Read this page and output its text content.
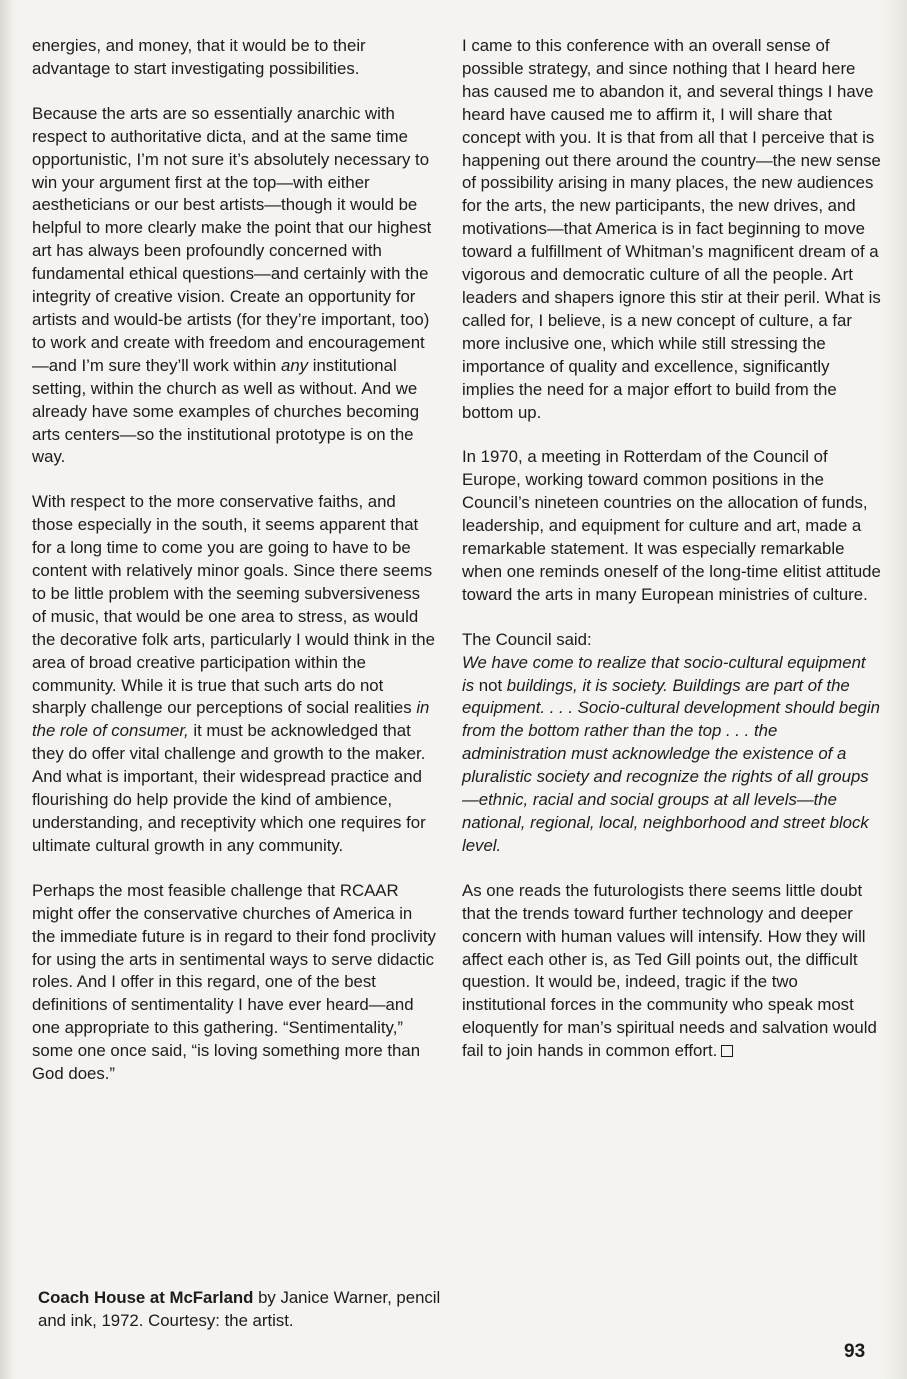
energies, and money, that it would be to their advantage to start investigating possibilities.

Because the arts are so essentially anarchic with respect to authoritative dicta, and at the same time opportunistic, I’m not sure it’s absolutely necessary to win your argument first at the top—with either aestheticians or our best artists—though it would be helpful to more clearly make the point that our highest art has always been profoundly concerned with fundamental ethical questions—and certainly with the integrity of creative vision. Create an opportunity for artists and would-be artists (for they’re important, too) to work and create with freedom and encouragement—and I’m sure they’ll work within any institutional setting, within the church as well as without. And we already have some examples of churches becoming arts centers—so the institutional prototype is on the way.

With respect to the more conservative faiths, and those especially in the south, it seems apparent that for a long time to come you are going to have to be content with relatively minor goals. Since there seems to be little problem with the seeming subversiveness of music, that would be one area to stress, as would the decorative folk arts, particularly I would think in the area of broad creative participation within the community. While it is true that such arts do not sharply challenge our perceptions of social realities in the role of consumer, it must be acknowledged that they do offer vital challenge and growth to the maker. And what is important, their widespread practice and flourishing do help provide the kind of ambience, understanding, and receptivity which one requires for ultimate cultural growth in any community.

Perhaps the most feasible challenge that RCAAR might offer the conservative churches of America in the immediate future is in regard to their fond proclivity for using the arts in sentimental ways to serve didactic roles. And I offer in this regard, one of the best definitions of sentimentality I have ever heard—and one appropriate to this gathering. “Sentimentality,” some one once said, “is loving something more than God does.”

I came to this conference with an overall sense of possible strategy, and since nothing that I heard here has caused me to abandon it, and several things I have heard have caused me to affirm it, I will share that concept with you. It is that from all that I perceive that is happening out there around the country—the new sense of possibility arising in many places, the new audiences for the arts, the new participants, the new drives, and motivations—that America is in fact beginning to move toward a fulfillment of Whitman’s magnificent dream of a vigorous and democratic culture of all the people. Art leaders and shapers ignore this stir at their peril. What is called for, I believe, is a new concept of culture, a far more inclusive one, which while still stressing the importance of quality and excellence, significantly implies the need for a major effort to build from the bottom up.

In 1970, a meeting in Rotterdam of the Council of Europe, working toward common positions in the Council’s nineteen countries on the allocation of funds, leadership, and equipment for culture and art, made a remarkable statement. It was especially remarkable when one reminds oneself of the long-time elitist attitude toward the arts in many European ministries of culture.

The Council said:

We have come to realize that socio-cultural equipment is not buildings, it is society. Buildings are part of the equipment. . . . Socio-cultural development should begin from the bottom rather than the top . . . the administration must acknowledge the existence of a pluralistic society and recognize the rights of all groups—ethnic, racial and social groups at all levels—the national, regional, local, neighborhood and street block level.

As one reads the futurologists there seems little doubt that the trends toward further technology and deeper concern with human values will intensify. How they will affect each other is, as Ted Gill points out, the difficult question. It would be, indeed, tragic if the two institutional forces in the community who speak most eloquently for man’s spiritual needs and salvation would fail to join hands in common effort.

Coach House at McFarland by Janice Warner, pencil and ink, 1972. Courtesy: the artist.
93
